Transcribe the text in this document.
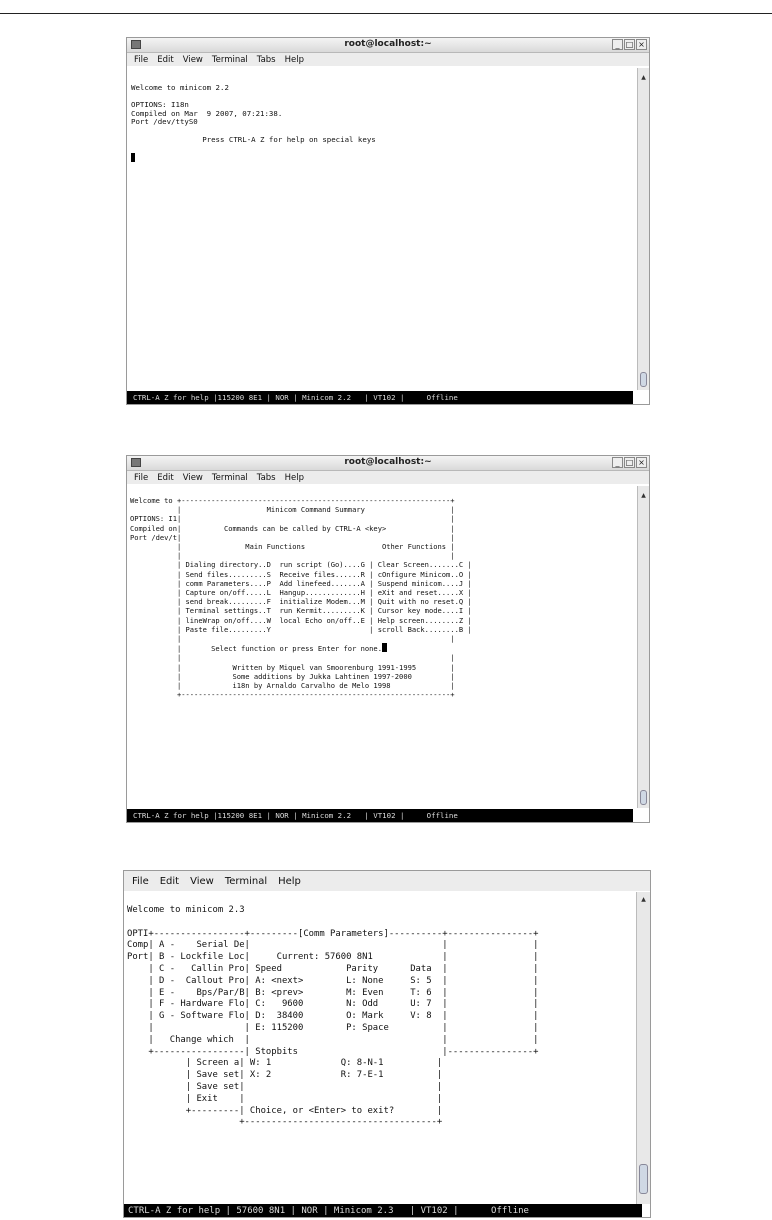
root@localhost:~	_ □ ×
File Edit View Terminal Tabs Help
Welcome to minicom 2.2

OPTIONS: I18n
Compiled on Mar  9 2007, 07:21:38.
Port /dev/ttyS0

Press CTRL-A Z for help on special keys

▲
CTRL-A Z for help |115200 8E1 | NOR | Minicom 2.2   | VT102 |     Offline
root@localhost:~	_ □ ×
File Edit View Terminal Tabs Help
Welcome to +---------------------------------------------------------------+
|                    Minicom Command Summary                    |
OPTIONS: I1|                                                               |
Compiled on|          Commands can be called by CTRL-A <key>               |
Port /dev/t|                                                               |
|               Main Functions                  Other Functions |
|                                                               |
| Dialing directory..D  run script (Go)....G | Clear Screen.......C |
| Send files.........S  Receive files......R | cOnfigure Minicom..O |
| comm Parameters....P  Add linefeed.......A | Suspend minicom....J |
| Capture on/off.....L  Hangup.............H | eXit and reset.....X |
| send break.........F  initialize Modem...M | Quit with no reset.Q |
| Terminal settings..T  run Kermit.........K | Cursor key mode....I |
| lineWrap on/off....W  local Echo on/off..E | Help screen........Z |
| Paste file.........Y                       | scroll Back........B |
|                                                               |
|       Select function or press Enter for none.
|                                                               |
|            Written by Miquel van Smoorenburg 1991-1995        |
|            Some additions by Jukka Lahtinen 1997-2000         |
|            i18n by Arnaldo Carvalho de Melo 1998              |
+---------------------------------------------------------------+
▲
CTRL-A Z for help |115200 8E1 | NOR | Minicom 2.2   | VT102 |     Offline
File Edit View Terminal Help
Welcome to minicom 2.3

OPTI+-----------------+---------[Comm Parameters]----------+----------------+
Comp| A -    Serial De|                                    |                |
Port| B - Lockfile Loc|     Current: 57600 8N1             |                |
| C -   Callin Pro| Speed            Parity      Data  |                |
| D -  Callout Pro| A: <next>        L: None     S: 5  |                |
| E -    Bps/Par/B| B: <prev>        M: Even     T: 6  |                |
| F - Hardware Flo| C:   9600        N: Odd      U: 7  |                |
| G - Software Flo| D:  38400        O: Mark     V: 8  |                |
|                 | E: 115200        P: Space          |                |
|   Change which  |                                    |                |
+-----------------| Stopbits                           |----------------+
| Screen a| W: 1             Q: 8-N-1          |
| Save set| X: 2             R: 7-E-1          |
| Save set|                                    |
| Exit    |                                    |
+---------| Choice, or <Enter> to exit?        |
+------------------------------------+
▲
CTRL-A Z for help | 57600 8N1 | NOR | Minicom 2.3   | VT102 |      Offline
